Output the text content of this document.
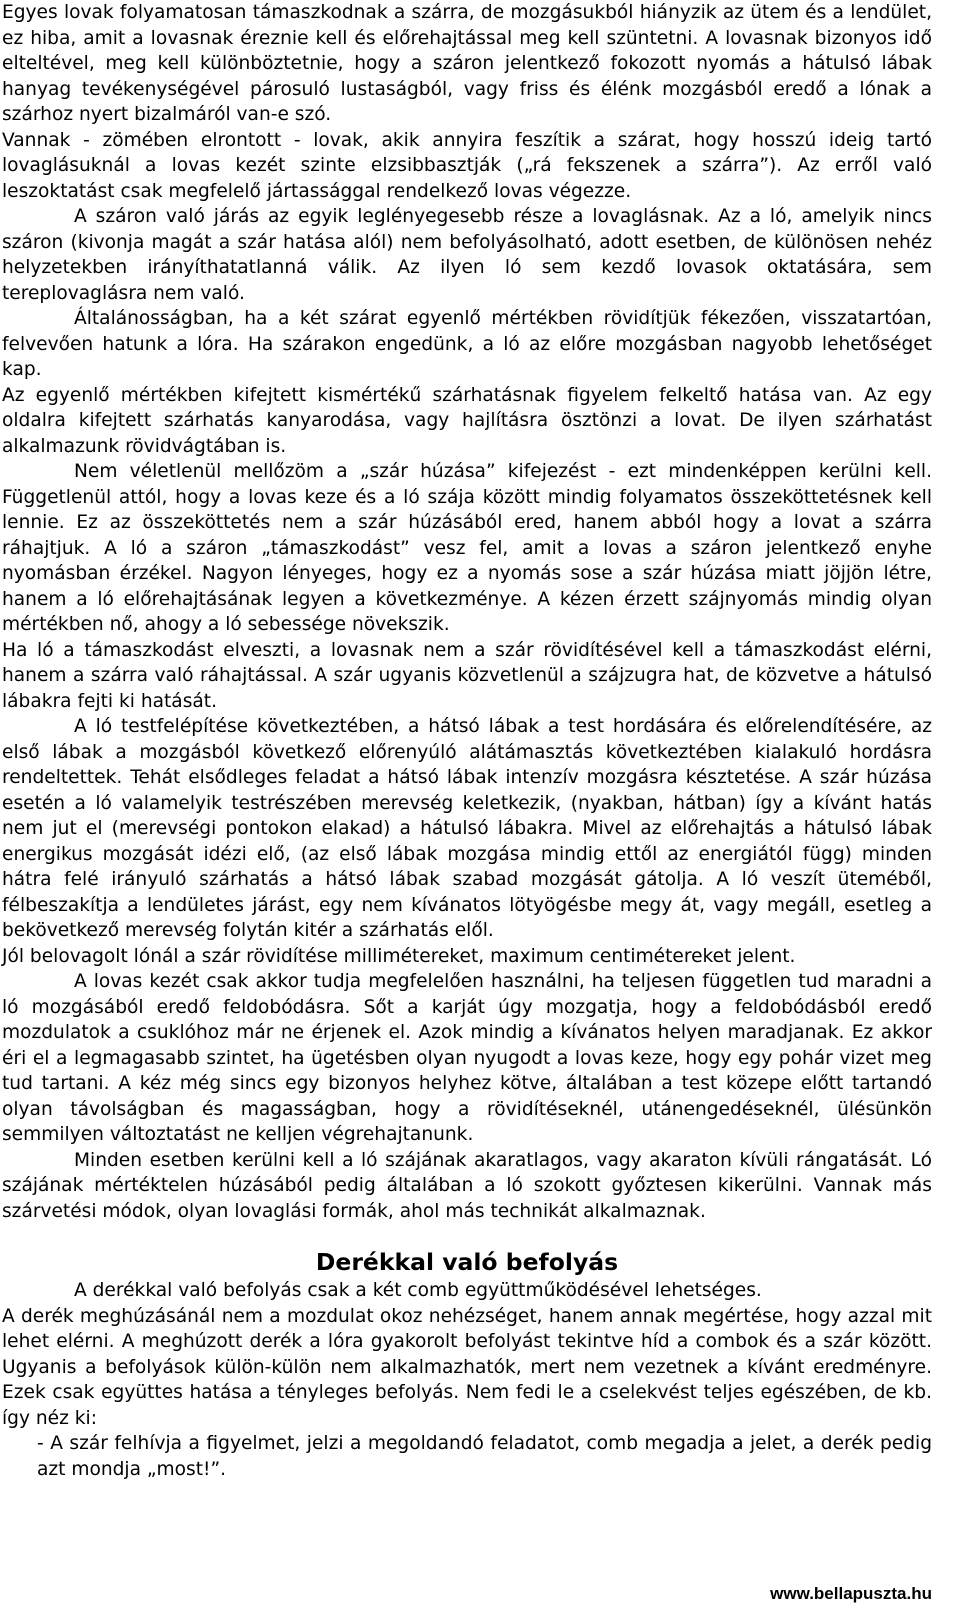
Egyes lovak folyamatosan támaszkodnak a szárra, de mozgásukból hiányzik az ütem és a lendület, ez hiba, amit a lovasnak éreznie kell és előrehajtással meg kell szüntetni. A lovasnak bizonyos idő elteltével, meg kell különböztetnie, hogy a száron jelentkező fokozott nyomás a hátulsó lábak hanyag tevékenységével párosuló lustaságból, vagy friss és élénk mozgásból eredő a lónak a szárhoz nyert bizalmáról van-e szó.

Vannak - zömében elrontott - lovak, akik annyira feszítik a szárat, hogy hosszú ideig tartó lovaglásuknál a lovas kezét szinte elzsibbasztják („rá fekszenek a szárra”). Az erről való leszoktatást csak megfelelő jártassággal rendelkező lovas végezze.

A száron való járás az egyik leglényegesebb része a lovaglásnak. Az a ló, amelyik nincs száron (kivonja magát a szár hatása alól) nem befolyásolható, adott esetben, de különösen nehéz helyzetekben irányíthatatlanná válik. Az ilyen ló sem kezdő lovasok oktatására, sem tereplovaglásra nem való.

Általánosságban, ha a két szárat egyenlő mértékben rövidítjük fékezően, visszatartóan, felvevően hatunk a lóra. Ha szárakon engedünk, a ló az előre mozgásban nagyobb lehetőséget kap.

Az egyenlő mértékben kifejtett kismértékű szárhatásnak figyelem felkeltő hatása van. Az egy oldalra kifejtett szárhatás kanyarodása, vagy hajlításra ösztönzi a lovat. De ilyen szárhatást alkalmazunk rövidvágtában is.

Nem véletlenül mellőzöm a „szár húzása” kifejezést - ezt mindenképpen kerülni kell. Függetlenül attól, hogy a lovas keze és a ló szája között mindig folyamatos összeköttetésnek kell lennie. Ez az összeköttetés nem a szár húzásából ered, hanem abból hogy a lovat a szárra ráhajtjuk. A ló a száron „támaszkodást” vesz fel, amit a lovas a száron jelentkező enyhe nyomásban érzékel. Nagyon lényeges, hogy ez a nyomás sose a szár húzása miatt jöjjön létre, hanem a ló előrehajtásának legyen a következménye. A kézen érzett szájnyomás mindig olyan mértékben nő, ahogy a ló sebessége növekszik.

Ha ló a támaszkodást elveszti, a lovasnak nem a szár rövidítésével kell a támaszkodást elérni, hanem a szárra való ráhajtással. A szár ugyanis közvetlenül a szájzugra hat, de közvetve a hátulsó lábakra fejti ki hatását.

A ló testfelépítése következtében, a hátsó lábak a test hordására és előrelendítésére, az első lábak a mozgásból következő előrenyúló alátámasztás következtében kialakuló hordásra rendeltettek. Tehát elsődleges feladat a hátsó lábak intenzív mozgásra késztetése. A szár húzása esetén a ló valamelyik testrészében merevség keletkezik, (nyakban, hátban) így a kívánt hatás nem jut el (merevségi pontokon elakad) a hátulsó lábakra. Mivel az előrehajtás a hátulsó lábak energikus mozgását idézi elő, (az első lábak mozgása mindig ettől az energiától függ) minden hátra felé irányuló szárhatás a hátsó lábak szabad mozgását gátolja. A ló veszít üteméből, félbeszakítja a lendületes járást, egy nem kívánatos lötyögésbe megy át, vagy megáll, esetleg a bekövetkező merevség folytán kitér a szárhatás elől.

Jól belovagolt lónál a szár rövidítése millimétereket, maximum centimétereket jelent.

A lovas kezét csak akkor tudja megfelelően használni, ha teljesen független tud maradni a ló mozgásából eredő feldobódásra. Sőt a karját úgy mozgatja, hogy a feldobódásból eredő mozdulatok a csuklóhoz már ne érjenek el. Azok mindig a kívánatos helyen maradjanak. Ez akkor éri el a legmagasabb szintet, ha ügetésben olyan nyugodt a lovas keze, hogy egy pohár vizet meg tud tartani. A kéz még sincs egy bizonyos helyhez kötve, általában a test közepe előtt tartandó olyan távolságban és magasságban, hogy a rövidítéseknél, utánengedéseknél, ülésünkön semmilyen változtatást ne kelljen végrehajtanunk.

Minden esetben kerülni kell a ló szájának akaratlagos, vagy akaraton kívüli rángatását. Ló szájának mértéktelen húzásából pedig általában a ló szokott győztesen kikerülni. Vannak más szárvetési módok, olyan lovaglási formák, ahol más technikát alkalmaznak.

Derékkal való befolyás

A derékkal való befolyás csak a két comb együttműködésével lehetséges.

A derék meghúzásánál nem a mozdulat okoz nehézséget, hanem annak megértése, hogy azzal mit lehet elérni. A meghúzott derék a lóra gyakorolt befolyást tekintve híd a combok és a szár között. Ugyanis a befolyások külön-külön nem alkalmazhatók, mert nem vezetnek a kívánt eredményre. Ezek csak együttes hatása a tényleges befolyás. Nem fedi le a cselekvést teljes egészében, de kb. így néz ki:

- A szár felhívja a figyelmet, jelzi a megoldandó feladatot, comb megadja a jelet, a derék pedig azt mondja „most!”.

www.bellapuszta.hu
